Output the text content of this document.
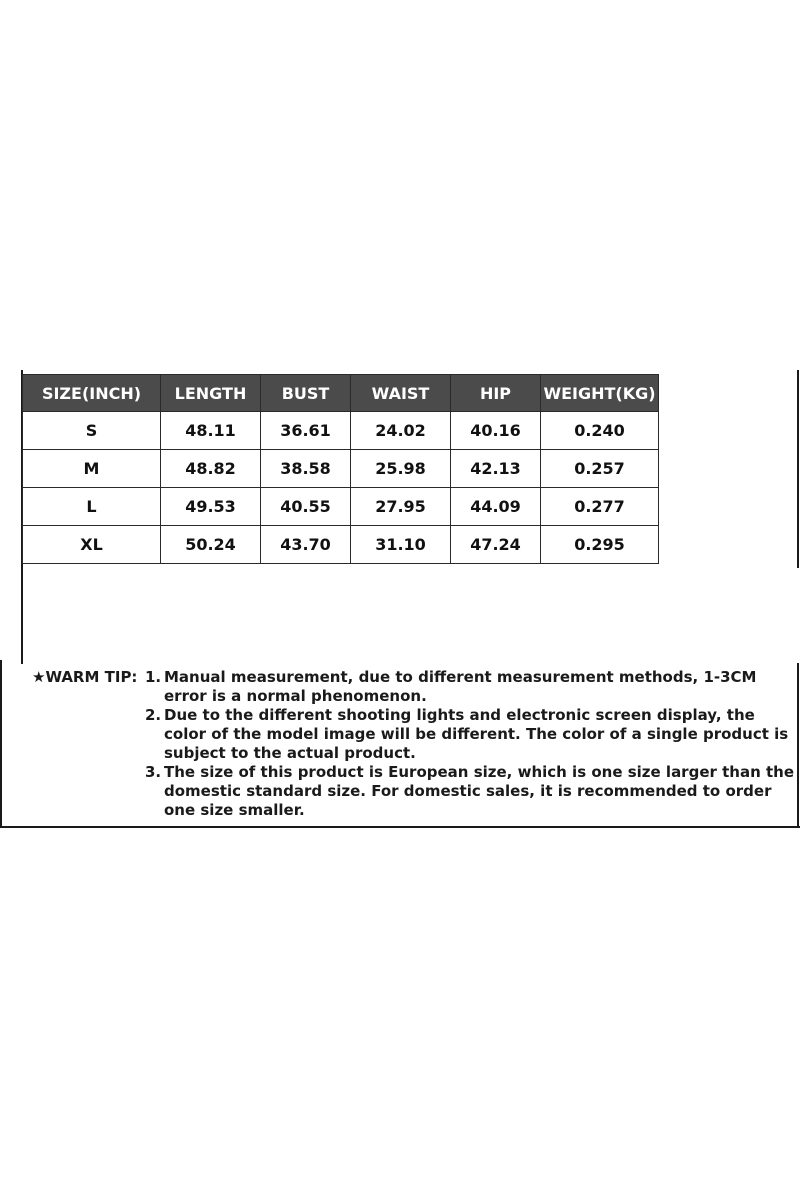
SIZE(INCH)	LENGTH	BUST	WAIST	HIP	WEIGHT(KG)
S	48.11	36.61	24.02	40.16	0.240
M	48.82	38.58	25.98	42.13	0.257
L	49.53	40.55	27.95	44.09	0.277
XL	50.24	43.70	31.10	47.24	0.295
★WARM TIP: 1. Manual measurement, due to different measurement methods, 1-3CM error is a normal phenomenon.
2. Due to the different shooting lights and electronic screen display, the color of the model image will be different. The color of a single product is subject to the actual product.
3. The size of this product is European size, which is one size larger than the domestic standard size. For domestic sales, it is recommended to order one size smaller.
